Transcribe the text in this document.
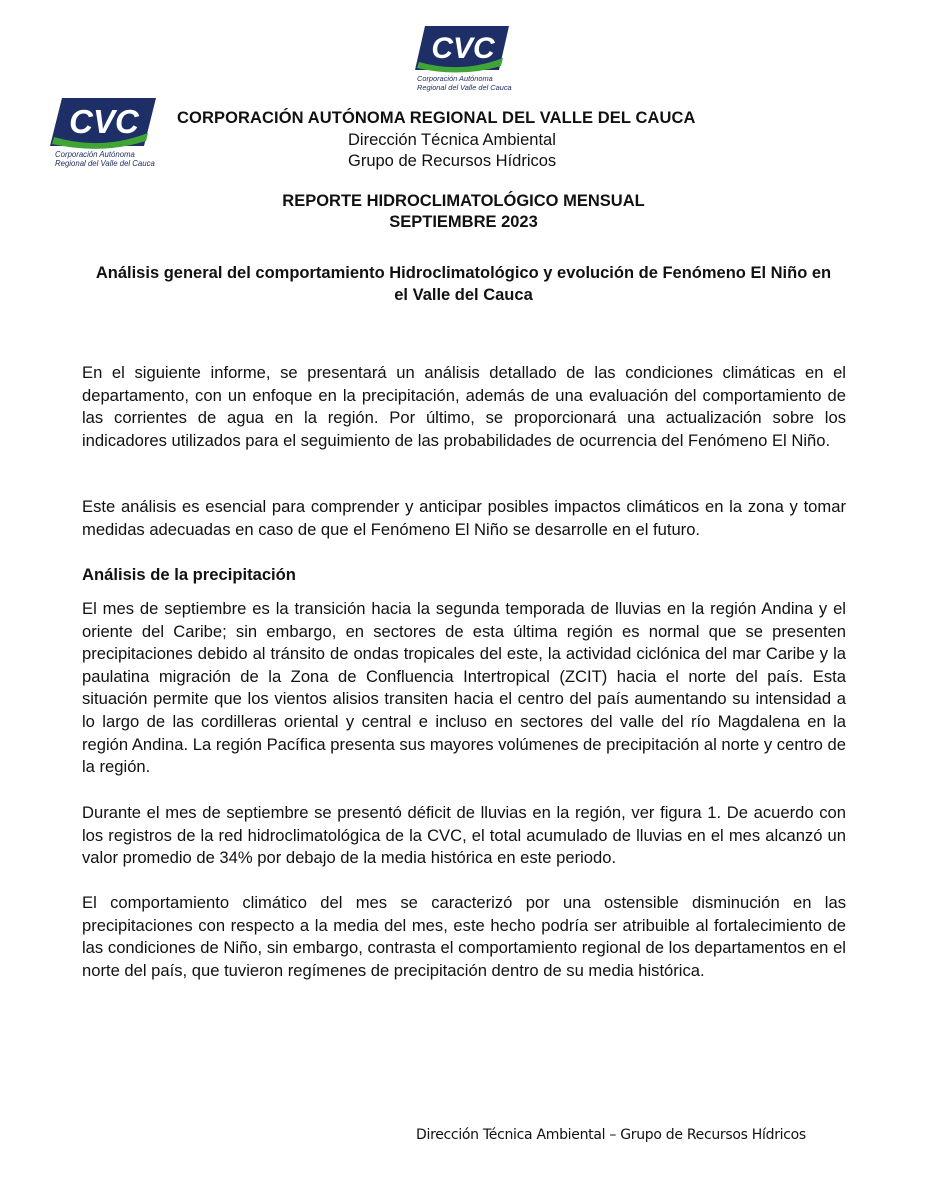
CVC
Corporación Autónoma
Regional del Valle del Cauca
CVC
Corporación Autónoma
Regional del Valle del Cauca
CORPORACIÓN AUTÓNOMA REGIONAL DEL VALLE DEL CAUCA
Dirección Técnica Ambiental
Grupo de Recursos Hídricos
REPORTE HIDROCLIMATOLÓGICO MENSUAL
SEPTIEMBRE 2023
Análisis general del comportamiento Hidroclimatológico y evolución de Fenómeno El Niño en el Valle del Cauca

En el siguiente informe, se presentará un análisis detallado de las condiciones climáticas en el departamento, con un enfoque en la precipitación, además de una evaluación del comportamiento de las corrientes de agua en la región. Por último, se proporcionará una actualización sobre los indicadores utilizados para el seguimiento de las probabilidades de ocurrencia del Fenómeno El Niño.

Este análisis es esencial para comprender y anticipar posibles impactos climáticos en la zona y tomar medidas adecuadas en caso de que el Fenómeno El Niño se desarrolle en el futuro.

Análisis de la precipitación

El mes de septiembre es la transición hacia la segunda temporada de lluvias en la región Andina y el oriente del Caribe; sin embargo, en sectores de esta última región es normal que se presenten precipitaciones debido al tránsito de ondas tropicales del este, la actividad ciclónica del mar Caribe y la paulatina migración de la Zona de Confluencia Intertropical (ZCIT) hacia el norte del país. Esta situación permite que los vientos alisios transiten hacia el centro del país aumentando su intensidad a lo largo de las cordilleras oriental y central e incluso en sectores del valle del río Magdalena en la región Andina. La región Pacífica presenta sus mayores volúmenes de precipitación al norte y centro de la región.

Durante el mes de septiembre se presentó déficit de lluvias en la región, ver figura 1. De acuerdo con los registros de la red hidroclimatológica de la CVC, el total acumulado de lluvias en el mes alcanzó un valor promedio de 34% por debajo de la media histórica en este periodo.

El comportamiento climático del mes se caracterizó por una ostensible disminución en las precipitaciones con respecto a la media del mes, este hecho podría ser atribuible al fortalecimiento de las condiciones de Niño, sin embargo, contrasta el comportamiento regional de los departamentos en el norte del país, que tuvieron regímenes de precipitación dentro de su media histórica.

Dirección Técnica Ambiental – Grupo de Recursos Hídricos
